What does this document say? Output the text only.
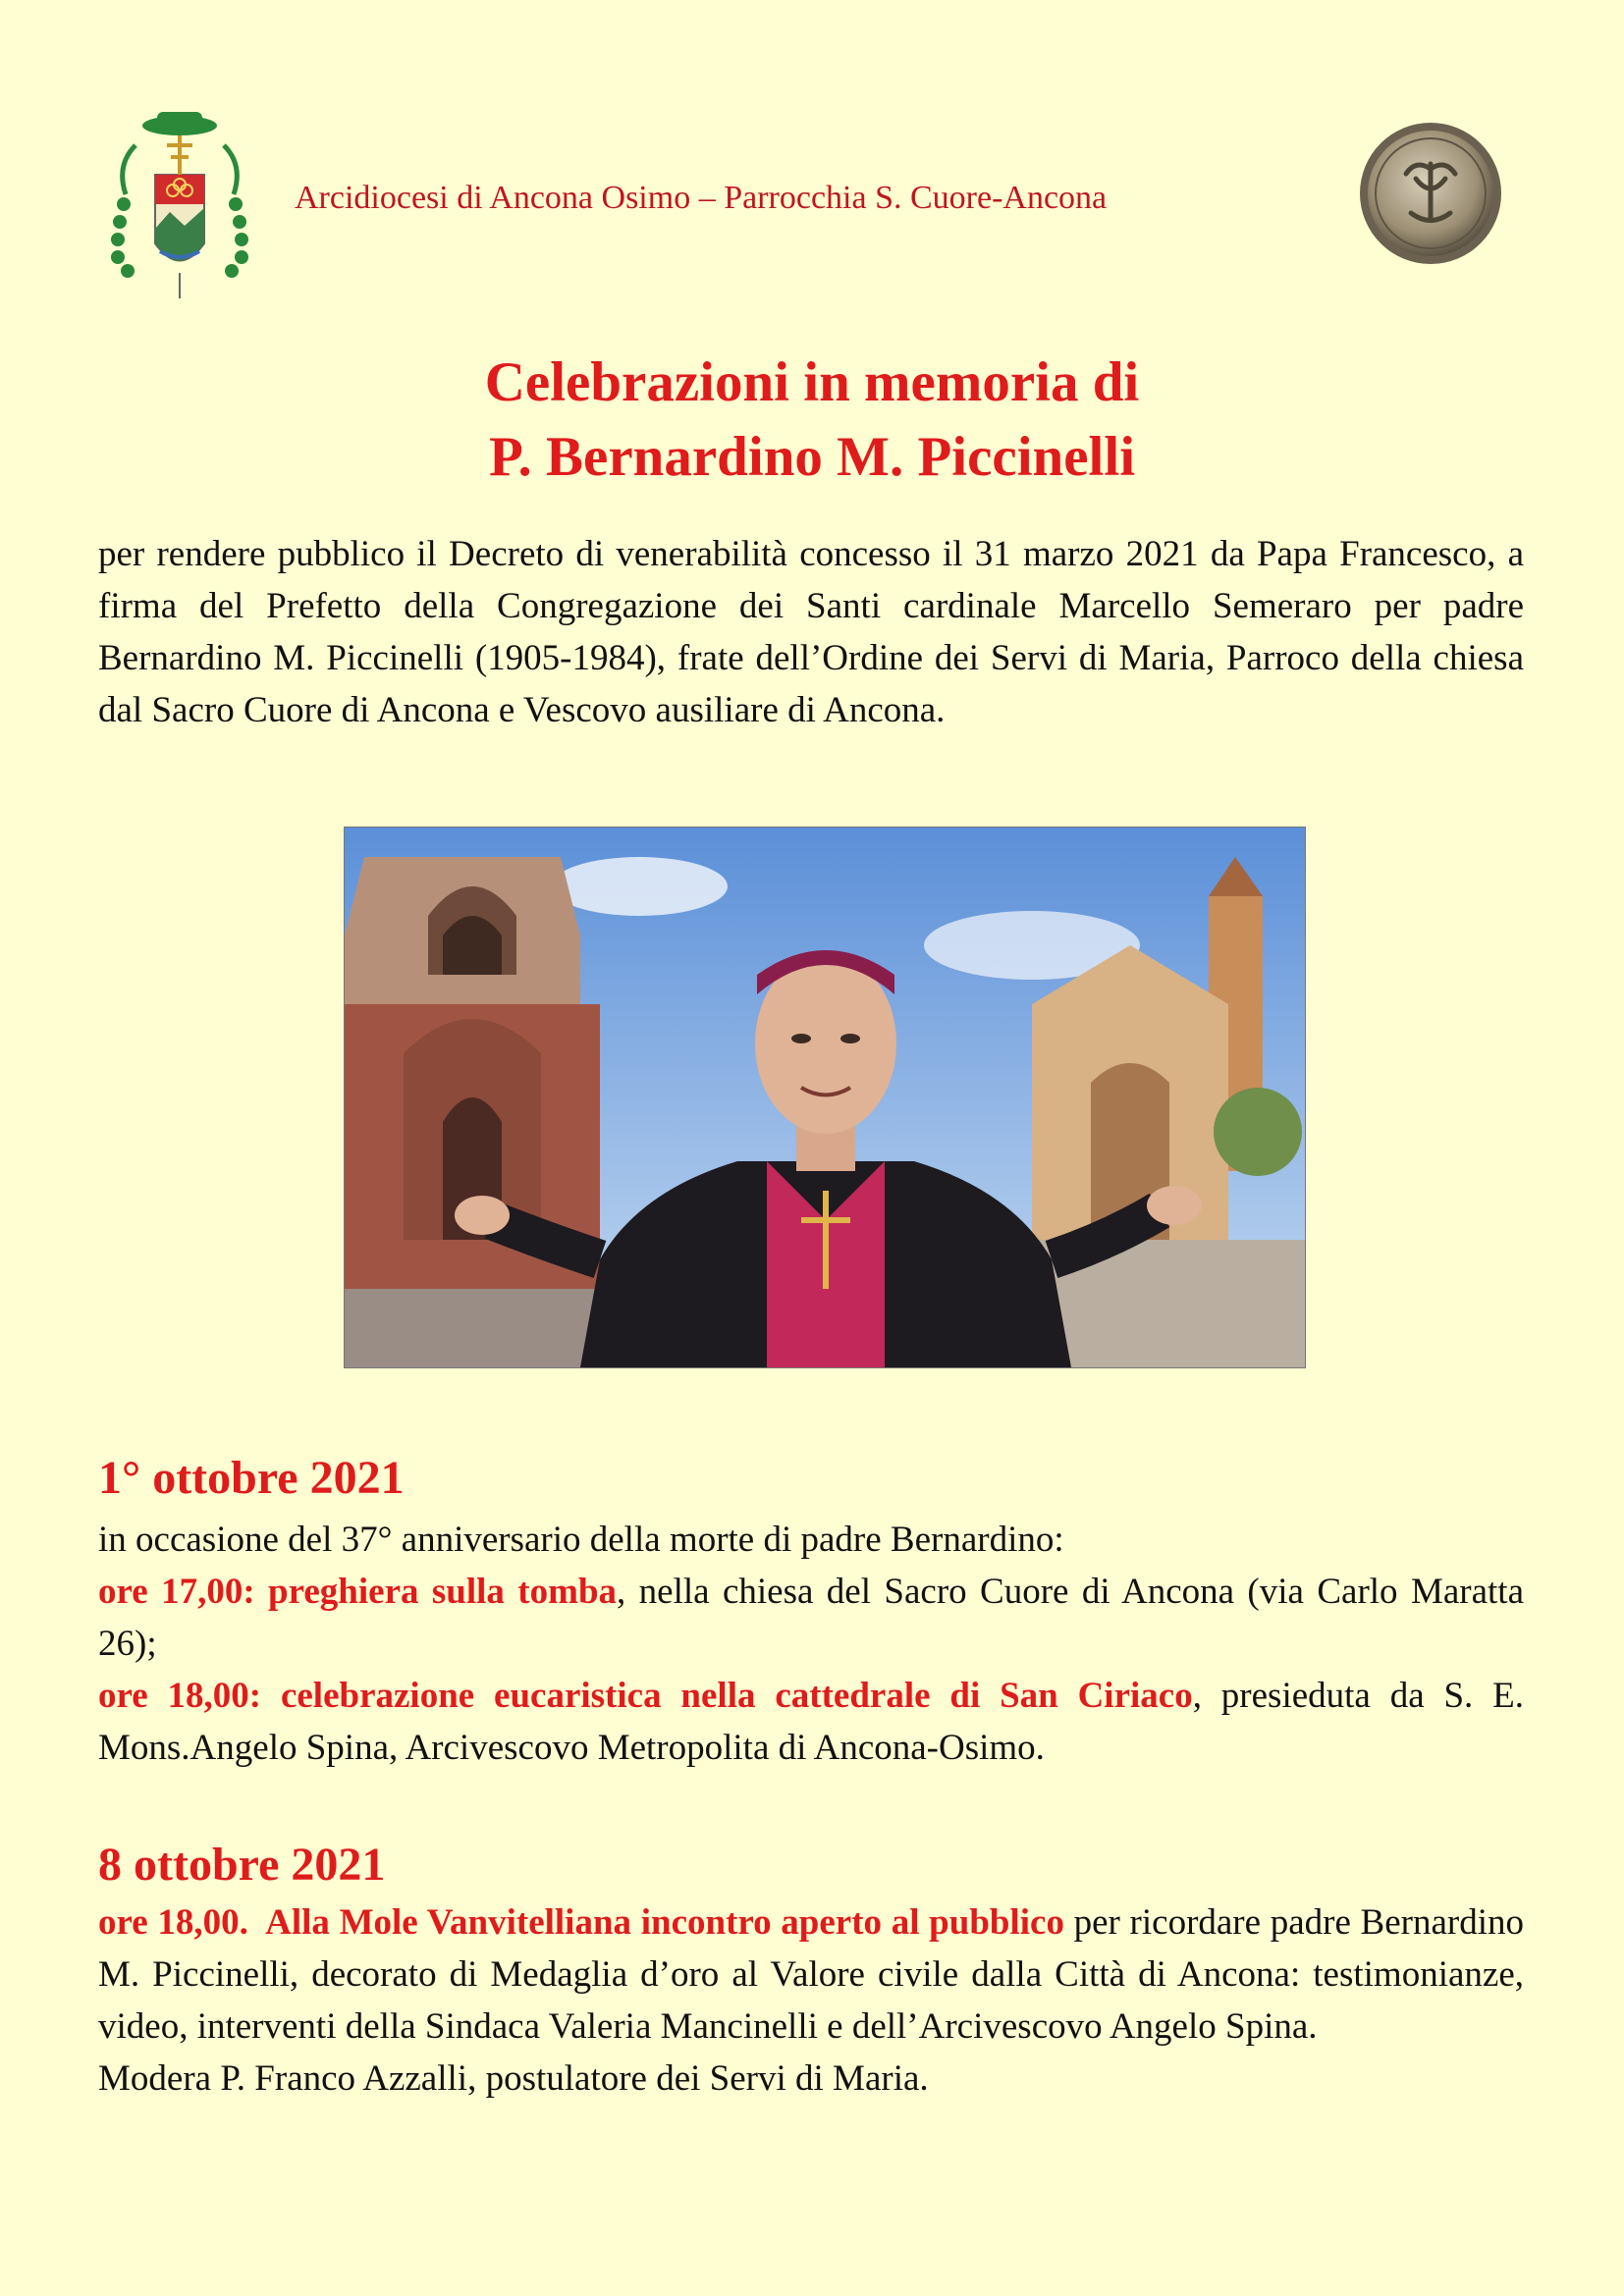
Arcidiocesi di Ancona Osimo – Parrocchia S. Cuore-Ancona
Celebrazioni in memoria di
P. Bernardino M. Piccinelli

per rendere pubblico il Decreto di venerabilità concesso il 31 marzo 2021 da Papa Francesco, a firma del Prefetto della Congregazione dei Santi cardinale Marcello Semeraro per padre Bernardino M. Piccinelli (1905-1984), frate dell’Ordine dei Servi di Maria, Parroco della chiesa dal Sacro Cuore di Ancona e Vescovo ausiliare di Ancona.

1° ottobre 2021

in occasione del 37° anniversario della morte di padre Bernardino:

ore 17,00: preghiera sulla tomba, nella chiesa del Sacro Cuore di Ancona (via Carlo Maratta 26);

ore 18,00: celebrazione eucaristica nella cattedrale di San Ciriaco, presieduta da S. E. Mons.Angelo Spina, Arcivescovo Metropolita di Ancona-Osimo.

8 ottobre 2021

ore 18,00.  Alla Mole Vanvitelliana incontro aperto al pubblico per ricordare padre Bernardino M. Piccinelli, decorato di Medaglia d’oro al Valore civile dalla Città di Ancona: testimonianze, video, interventi della Sindaca Valeria Mancinelli e dell’Arcivescovo Angelo Spina.

Modera P. Franco Azzalli, postulatore dei Servi di Maria.
